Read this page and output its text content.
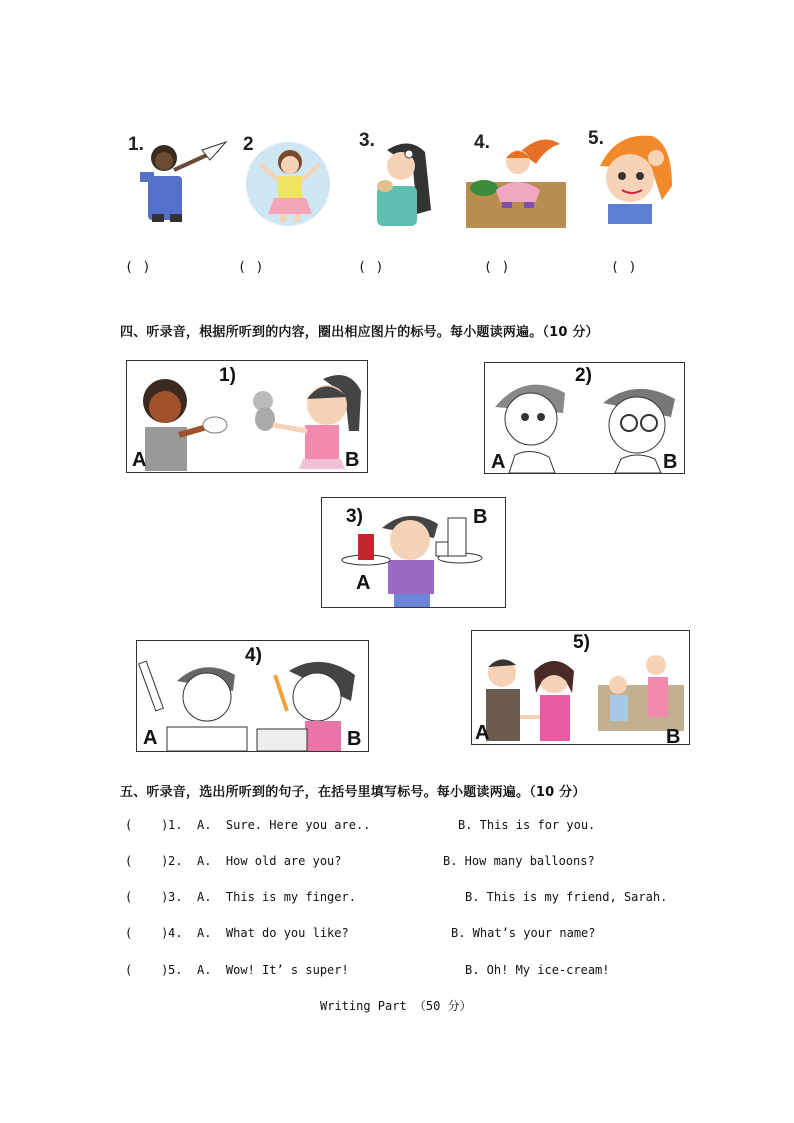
1.	2	3.	4.	5.
( )	( )	( )	( )	( )
四、听录音，根据所听到的内容，圈出相应图片的标号。每小题读两遍。（10 分）
1)
A	B
2)
A	B
3)	B
A
4)
A	B
5)
A	B
五、听录音，选出所听到的句子，在括号里填写标号。每小题读两遍。（10 分）
(    ) 1. A.  Sure. Here you are..	B. This is for you.
(    ) 2. A.  How old are you?	B. How many balloons?
(    ) 3. A.  This is my finger.	B. This is my friend, Sarah.
(    ) 4. A.  What do you like?	B. What’s your name?
(    ) 5. A.  Wow! It’ s super!	B. Oh! My ice-cream!
Writing Part （50 分）
